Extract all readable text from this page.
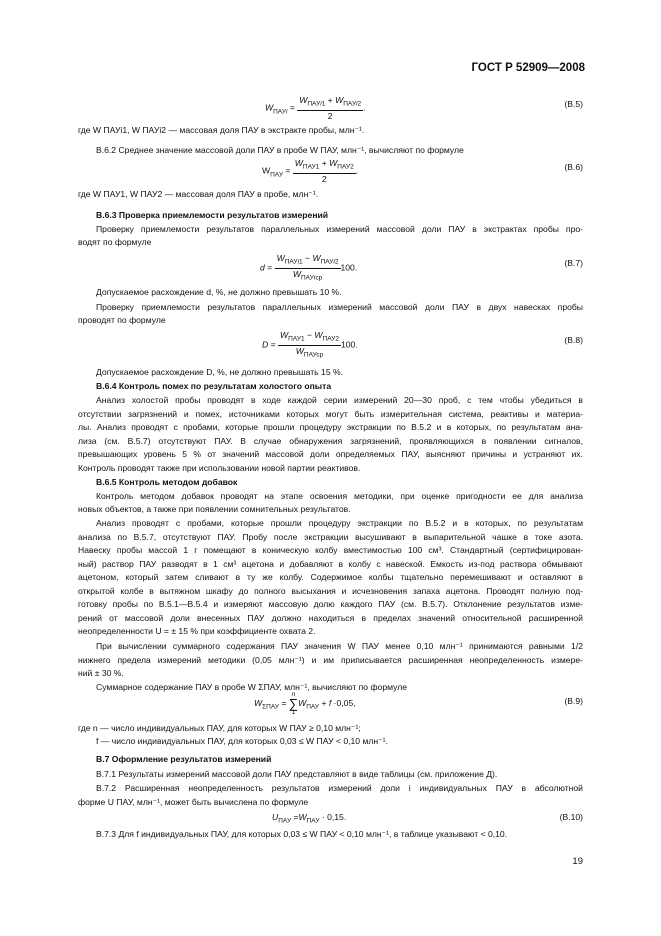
ГОСТ Р 52909—2008
$W_{ПАУi} = \frac{W_{ПАУi1} + W_{ПАУi2}}{2}$ .	(В.5)
где W ПАУi1, W ПАУi2 — массовая доля ПАУ в экстракте пробы, млн⁻¹.
В.6.2 Среднее значение массовой доли ПАУ в пробе W ПАУ, млн⁻¹, вычисляют по формуле
$W_{ПАУ} = \frac{W_{ПАУ1} + W_{ПАУ2}}{2}$ .	(В.6)
где W ПАУ1, W ПАУ2 — массовая доля ПАУ в пробе, млн⁻¹.
В.6.3 Проверка приемлемости результатов измерений
Проверку приемлемости результатов параллельных измерений массовой доли ПАУ в экстрактах пробы про-
водят по формуле
$d = \frac{W_{ПАУi1} - W_{ПАУi2}}{W_{ПАУiср}} 100$.	(В.7)
Допускаемое расхождение d, %, не должно превышать 10 %.
Проверку приемлемости результатов параллельных измерений массовой доли ПАУ в двух навесках пробы
проводят по формуле
$D = \frac{W_{ПАУ1} - W_{ПАУ2}}{W_{ПАУср}} 100$.	(В.8)
Допускаемое расхождение D, %, не должно превышать 15 %.
В.6.4 Контроль помех по результатам холостого опыта
Анализ холостой пробы проводят в ходе каждой серии измерений 20—30 проб, с тем чтобы убедиться в
отсутствии загрязнений и помех, источниками которых могут быть измерительная система, реактивы и материа-
лы. Анализ проводят с пробами, которые прошли процедуру экстракции по В.5.2 и в которых, по результатам ана-
лиза (см. В.5.7) отсутствуют ПАУ. В случае обнаружения загрязнений, проявляющихся в появлении сигналов,
превышающих уровень 5 % от значений массовой доли определяемых ПАУ, выясняют причины и устраняют их.
Контроль проводят также при использовании новой партии реактивов.
В.6.5 Контроль методом добавок
Контроль методом добавок проводят на этапе освоения методики, при оценке пригодности ее для анализа
новых объектов, а также при появлении сомнительных результатов.
Анализ проводят с пробами, которые прошли процедуру экстракции по В.5.2 и в которых, по результатам
анализа по В.5.7, отсутствуют ПАУ. Пробу после экстракции высушивают в выпарительной чашке в токе азота.
Навеску пробы массой 1 г помещают в коническую колбу вместимостью 100 см³. Стандартный (сертифицирован-
ный) раствор ПАУ разводят в 1 см³ ацетона и добавляют в колбу с навеской. Емкость из-под раствора обмывают
ацетоном, который затем сливают в ту же колбу. Содержимое колбы тщательно перемешивают и оставляют в
открытой колбе в вытяжном шкафу до полного высыхания и исчезновения запаха ацетона. Проводят полную под-
готовку пробы по В.5.1—В.5.4 и измеряют массовую долю каждого ПАУ (см. В.5.7). Отклонение результатов изме-
рений от массовой доли внесенных ПАУ должно находиться в пределах значений относительной расширенной
неопределенности U = ± 15 % при коэффициенте охвата 2.
При вычислении суммарного содержания ПАУ значения W ПАУ менее 0,10 млн⁻¹ принимаются равными 1/2
нижнего предела измерений методики (0,05 млн⁻¹) и им приписывается расширенная неопределенность измере-
ний ± 30 %.
Суммарное содержание ПАУ в пробе W ΣПАУ, млн⁻¹, вычисляют по формуле
$W_{\Sigma ПАУ}$ =
n
∑
1
$W_{ПАУ} + f \cdot 0,05$,	(В.9)
где n — число индивидуальных ПАУ, для которых W ПАУ ≥ 0,10 млн⁻¹;
f — число индивидуальных ПАУ, для которых 0,03 ≤ W ПАУ < 0,10 млн⁻¹.
В.7 Оформление результатов измерений
В.7.1 Результаты измерений массовой доли ПАУ представляют в виде таблицы (см. приложение Д).
В.7.2 Расширенная неопределенность результатов измерений доли i индивидуальных ПАУ в абсолютной
форме U ПАУ, млн⁻¹, может быть вычислена по формуле
$U_{ПАУ} =W_{ПАУ} \cdot 0,15$.	(В.10)
В.7.3 Для f индивидуальных ПАУ, для которых 0,03 ≤ W ПАУ < 0,10 млн⁻¹, в таблице указывают < 0,10.
19
